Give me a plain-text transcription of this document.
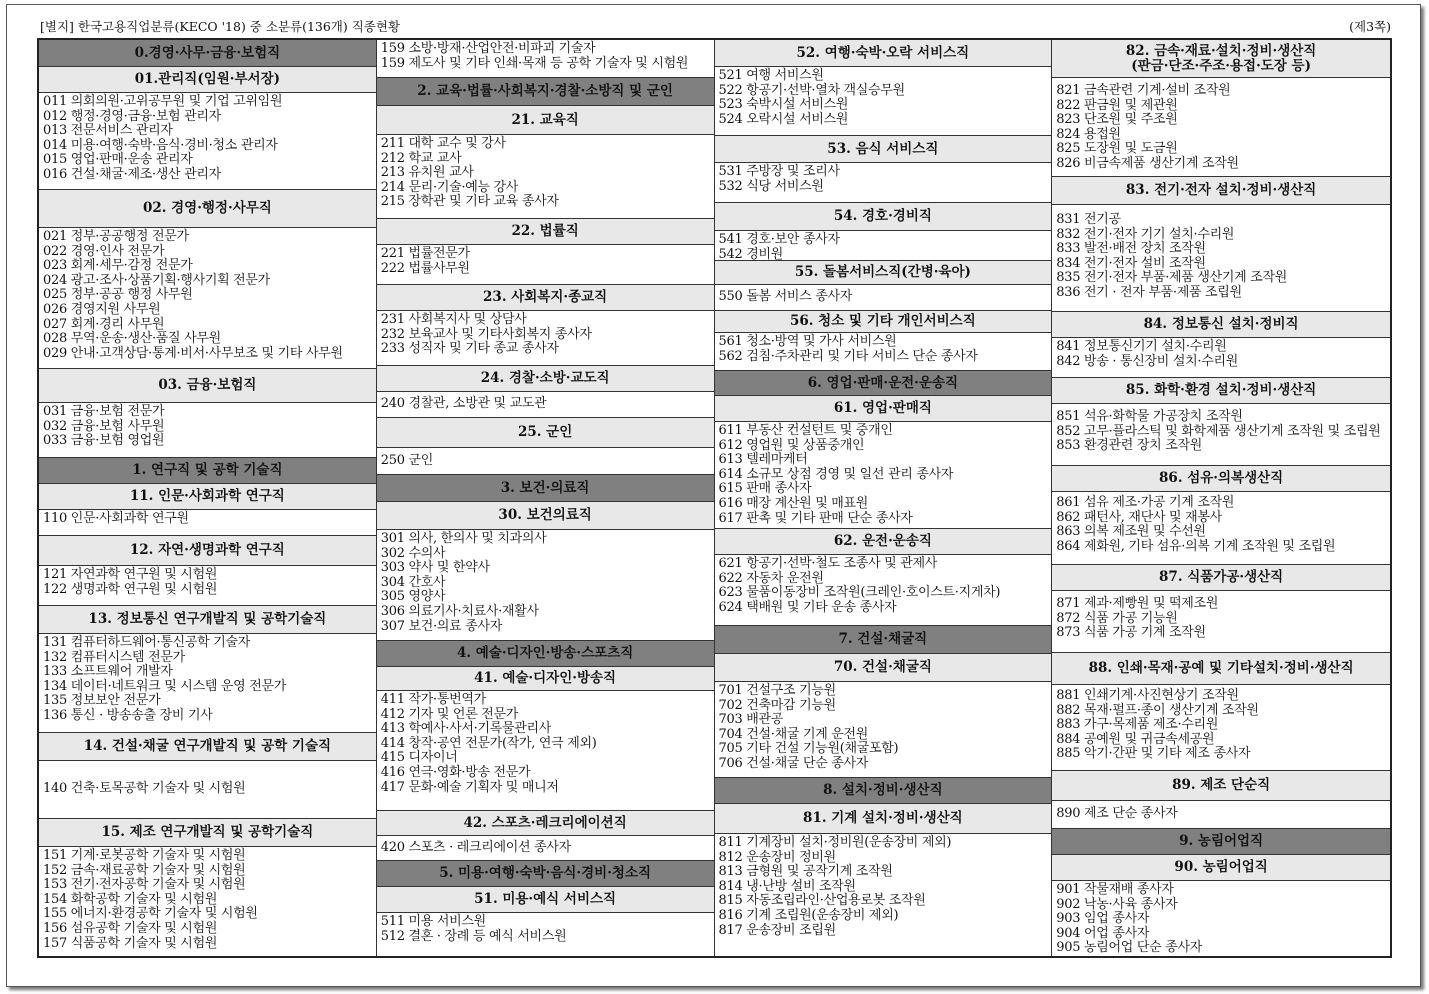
[별지] 한국고용직업분류(KECO '18) 중 소분류(136개) 직종현황	(제3쪽)
0.경영·사무·금융·보험직
01.관리직(임원·부서장)
011 의회의원·고위공무원 및 기업 고위임원
012 행정·경영·금융·보험 관리자
013 전문서비스 관리자
014 미용·여행·숙박·음식·경비·청소 관리자
015 영업·판매·운송 관리자
016 건설·채굴·제조·생산 관리자
02. 경영·행정·사무직
021 정부·공공행정 전문가
022 경영·인사 전문가
023 회계·세무·감정 전문가
024 광고·조사·상품기획·행사기획 전문가
025 정부·공공 행정 사무원
026 경영지원 사무원
027 회계·경리 사무원
028 무역·운송·생산·품질 사무원
029 안내·고객상담·통계·비서·사무보조 및 기타 사무원
03. 금융·보험직
031 금융·보험 전문가
032 금융·보험 사무원
033 금융·보험 영업원
1. 연구직 및 공학 기술직
11. 인문·사회과학 연구직
110 인문·사회과학 연구원
12. 자연·생명과학 연구직
121 자연과학 연구원 및 시험원
122 생명과학 연구원 및 시험원
13. 정보통신 연구개발직 및 공학기술직
131 컴퓨터하드웨어·통신공학 기술자
132 컴퓨터시스템 전문가
133 소프트웨어 개발자
134 데이터·네트워크 및 시스템 운영 전문가
135 정보보안 전문가
136 통신 · 방송송출 장비 기사
14. 건설·채굴 연구개발직 및 공학 기술직
140 건축·토목공학 기술자 및 시험원
15. 제조 연구개발직 및 공학기술직
151 기계·로봇공학 기술자 및 시험원
152 금속·재료공학 기술자 및 시험원
153 전기·전자공학 기술자 및 시험원
154 화학공학 기술자 및 시험원
155 에너지·환경공학 기술자 및 시험원
156 섬유공학 기술자 및 시험원
157 식품공학 기술자 및 시험원
159 소방·방재·산업안전·비파괴 기술자
159 제도사 및 기타 인쇄·목재 등 공학 기술자 및 시험원
2. 교육·법률·사회복지·경찰·소방직 및 군인
21. 교육직
211 대학 교수 및 강사
212 학교 교사
213 유치원 교사
214 문리·기술·예능 강사
215 장학관 및 기타 교육 종사자
22. 법률직
221 법률전문가
222 법률사무원
23. 사회복지·종교직
231 사회복지사 및 상담사
232 보육교사 및 기타사회복지 종사자
233 성직자 및 기타 종교 종사자
24. 경찰·소방·교도직
240 경찰관, 소방관 및 교도관
25. 군인
250 군인
3. 보건·의료직
30. 보건의료직
301 의사, 한의사 및 치과의사
302 수의사
303 약사 및 한약사
304 간호사
305 영양사
306 의료기사·치료사·재활사
307 보건·의료 종사자
4. 예술·디자인·방송·스포츠직
41. 예술·디자인·방송직
411 작가·통번역가
412 기자 및 언론 전문가
413 학예사·사서·기록물관리사
414 창작·공연 전문가(작가, 연극 제외)
415 디자이너
416 연극·영화·방송 전문가
417 문화·예술 기획자 및 매니저
42. 스포츠·레크리에이션직
420 스포츠 · 레크리에이션 종사자
5. 미용·여행·숙박·음식·경비·청소직
51. 미용·예식 서비스직
511 미용 서비스원
512 결혼 · 장례 등 예식 서비스원
52. 여행·숙박·오락 서비스직
521 여행 서비스원
522 항공기·선박·열차 객실승무원
523 숙박시설 서비스원
524 오락시설 서비스원
53. 음식 서비스직
531 주방장 및 조리사
532 식당 서비스원
54. 경호·경비직
541 경호·보안 종사자
542 경비원
55. 돌봄서비스직(간병·육아)
550 돌봄 서비스 종사자
56. 청소 및 기타 개인서비스직
561 청소·방역 및 가사 서비스원
562 검침·주차관리 및 기타 서비스 단순 종사자
6. 영업·판매·운전·운송직
61. 영업·판매직
611 부동산 컨설턴트 및 중개인
612 영업원 및 상품중개인
613 텔레마케터
614 소규모 상점 경영 및 일선 관리 종사자
615 판매 종사자
616 매장 계산원 및 매표원
617 판촉 및 기타 판매 단순 종사자
62. 운전·운송직
621 항공기·선박·철도 조종사 및 관제사
622 자동차 운전원
623 물품이동장비 조작원(크레인·호이스트·지게차)
624 택배원 및 기타 운송 종사자
7. 건설·채굴직
70. 건설·채굴직
701 건설구조 기능원
702 건축마감 기능원
703 배관공
704 건설·채굴 기계 운전원
705 기타 건설 기능원(채굴포함)
706 건설·채굴 단순 종사자
8. 설치·정비·생산직
81. 기계 설치·정비·생산직
811 기계장비 설치·정비원(운송장비 제외)
812 운송장비 정비원
813 금형원 및 공작기계 조작원
814 냉·난방 설비 조작원
815 자동조립라인·산업용로봇 조작원
816 기계 조립원(운송장비 제외)
817 운송장비 조립원
82. 금속·재료·설치·정비·생산직
(판금·단조·주조·용접·도장 등)
821 금속관련 기계·설비 조작원
822 판금원 및 제관원
823 단조원 및 주조원
824 용접원
825 도장원 및 도금원
826 비금속제품 생산기계 조작원
83. 전기·전자 설치·정비·생산직
831 전기공
832 전기·전자 기기 설치·수리원
833 발전·배전 장치 조작원
834 전기·전자 설비 조작원
835 전기·전자 부품·제품 생산기계 조작원
836 전기 · 전자 부품·제품 조립원
84. 정보통신 설치·정비직
841 정보통신기기 설치·수리원
842 방송 · 통신장비 설치·수리원
85. 화학·환경 설치·정비·생산직
851 석유·화학물 가공장치 조작원
852 고무·플라스틱 및 화학제품 생산기계 조작원 및 조립원
853 환경관련 장치 조작원
86. 섬유·의복생산직
861 섬유 제조·가공 기계 조작원
862 패턴사, 재단사 및 재봉사
863 의복 제조원 및 수선원
864 제화원, 기타 섬유·의복 기계 조작원 및 조립원
87. 식품가공·생산직
871 제과·제빵원 및 떡제조원
872 식품 가공 기능원
873 식품 가공 기계 조작원
88. 인쇄·목재·공예 및 기타설치·정비·생산직
881 인쇄기계·사진현상기 조작원
882 목재·펄프·종이 생산기계 조작원
883 가구·목제품 제조·수리원
884 공예원 및 귀금속세공원
885 악기·간판 및 기타 제조 종사자
89. 제조 단순직
890 제조 단순 종사자
9. 농림어업직
90. 농림어업직
901 작물재배 종사자
902 낙농·사육 종사자
903 임업 종사자
904 어업 종사자
905 농림어업 단순 종사자
